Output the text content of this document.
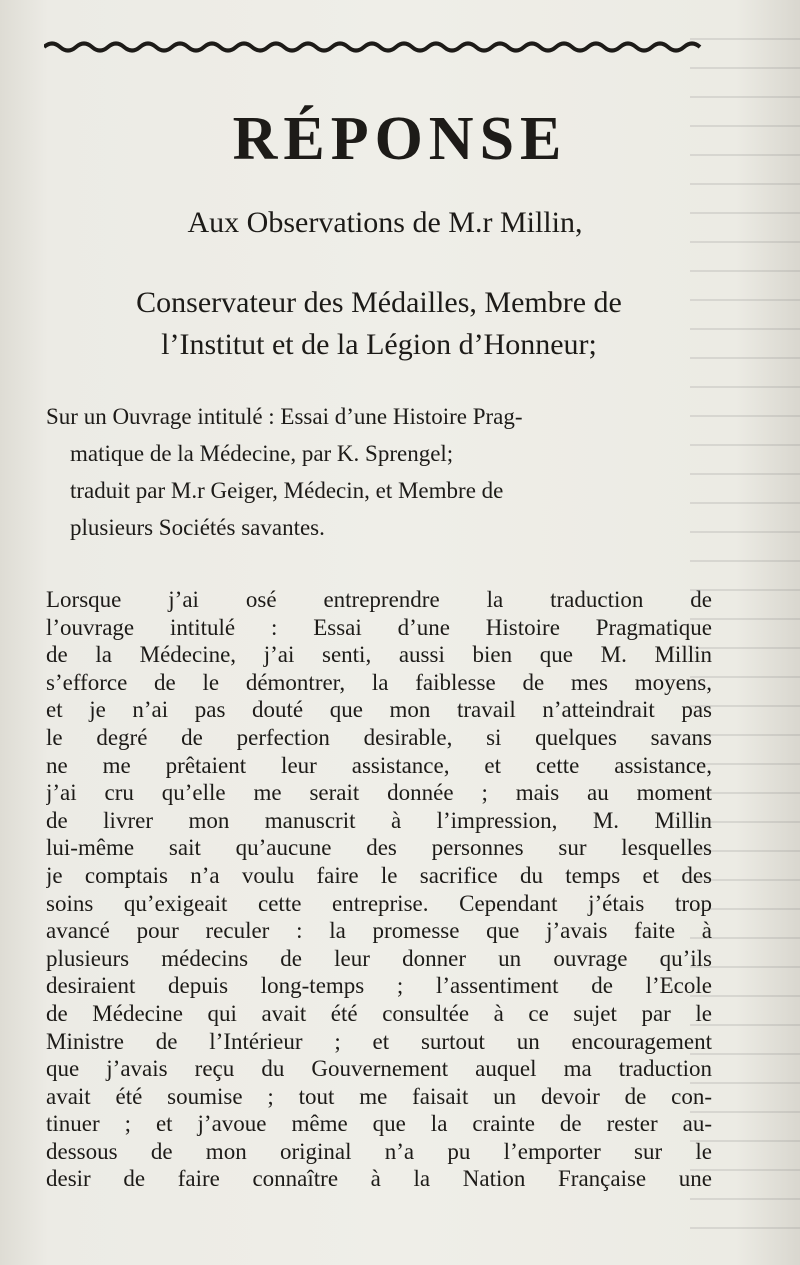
RÉPONSE
Aux Observations de M.r Millin,
Conservateur des Médailles, Membre de
l’Institut et de la Légion d’Honneur;
Sur un Ouvrage intitulé : Essai d’une Histoire Prag-
matique de la Médecine, par K. Sprengel;
traduit par M.r Geiger, Médecin, et Membre de
plusieurs Sociétés savantes.
Lorsque j’ai osé entreprendre la traduction de
l’ouvrage intitulé : Essai d’une Histoire Pragmatique
de la Médecine, j’ai senti, aussi bien que M. Millin
s’efforce de le démontrer, la faiblesse de mes moyens,
et je n’ai pas douté que mon travail n’atteindrait pas
le degré de perfection desirable, si quelques savans
ne me prêtaient leur assistance, et cette assistance,
j’ai cru qu’elle me serait donnée ; mais au moment
de livrer mon manuscrit à l’impression, M. Millin
lui-même sait qu’aucune des personnes sur lesquelles
je comptais n’a voulu faire le sacrifice du temps et des
soins qu’exigeait cette entreprise. Cependant j’étais trop
avancé pour reculer : la promesse que j’avais faite à
plusieurs médecins de leur donner un ouvrage qu’ils
desiraient depuis long-temps ; l’assentiment de l’Ecole
de Médecine qui avait été consultée à ce sujet par le
Ministre de l’Intérieur ; et surtout un encouragement
que j’avais reçu du Gouvernement auquel ma traduction
avait été soumise ; tout me faisait un devoir de con-
tinuer ; et j’avoue même que la crainte de rester au-
dessous de mon original n’a pu l’emporter sur le
desir de faire connaître à la Nation Française une
